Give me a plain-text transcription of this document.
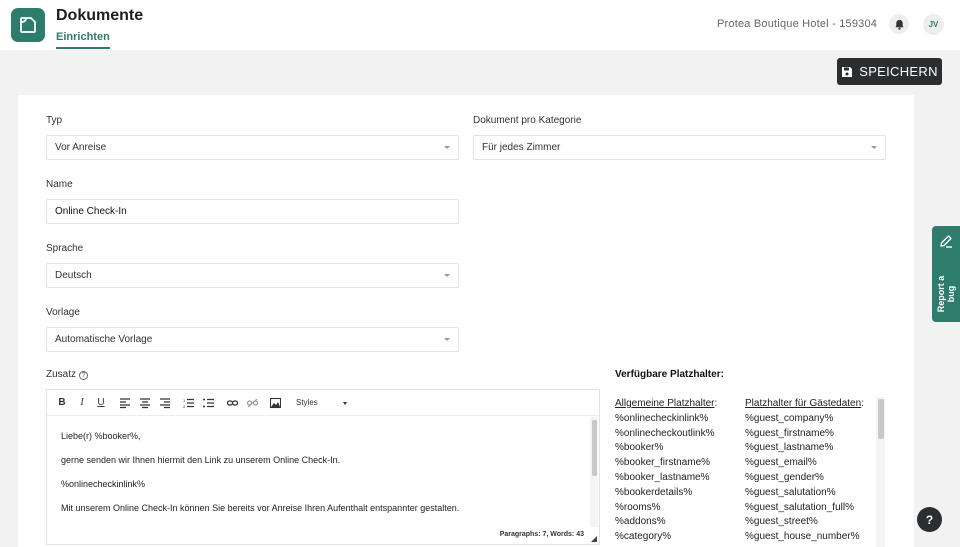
Dokumente
Einrichten
Protea Boutique Hotel - 159304	JV
SPEICHERN
Typ
Vor Anreise
Dokument pro Kategorie
Für jedes Zimmer
Name
Online Check-In
Sprache
Deutsch
Vorlage
Automatische Vorlage
Zusatz ?
B	I	U	1
2	Styles

Liebe(r) %booker%,

gerne senden wir Ihnen hiermit den Link zu unserem Online Check-In.

%onlinecheckinlink%

Mit unserem Online Check-In können Sie bereits vor Anreise Ihren Aufenthalt entspannter gestalten.

Paragraphs: 7, Words: 43
Verfügbare Platzhalter:
Allgemeine Platzhalter:
%onlinecheckinlink%
%onlinecheckoutlink%
%booker%
%booker_firstname%
%booker_lastname%
%bookerdetails%
%rooms%
%addons%
%category%
Platzhalter für Gästedaten:
%guest_company%
%guest_firstname%
%guest_lastname%
%guest_email%
%guest_gender%
%guest_salutation%
%guest_salutation_full%
%guest_street%
%guest_house_number%
Report a bug
?
